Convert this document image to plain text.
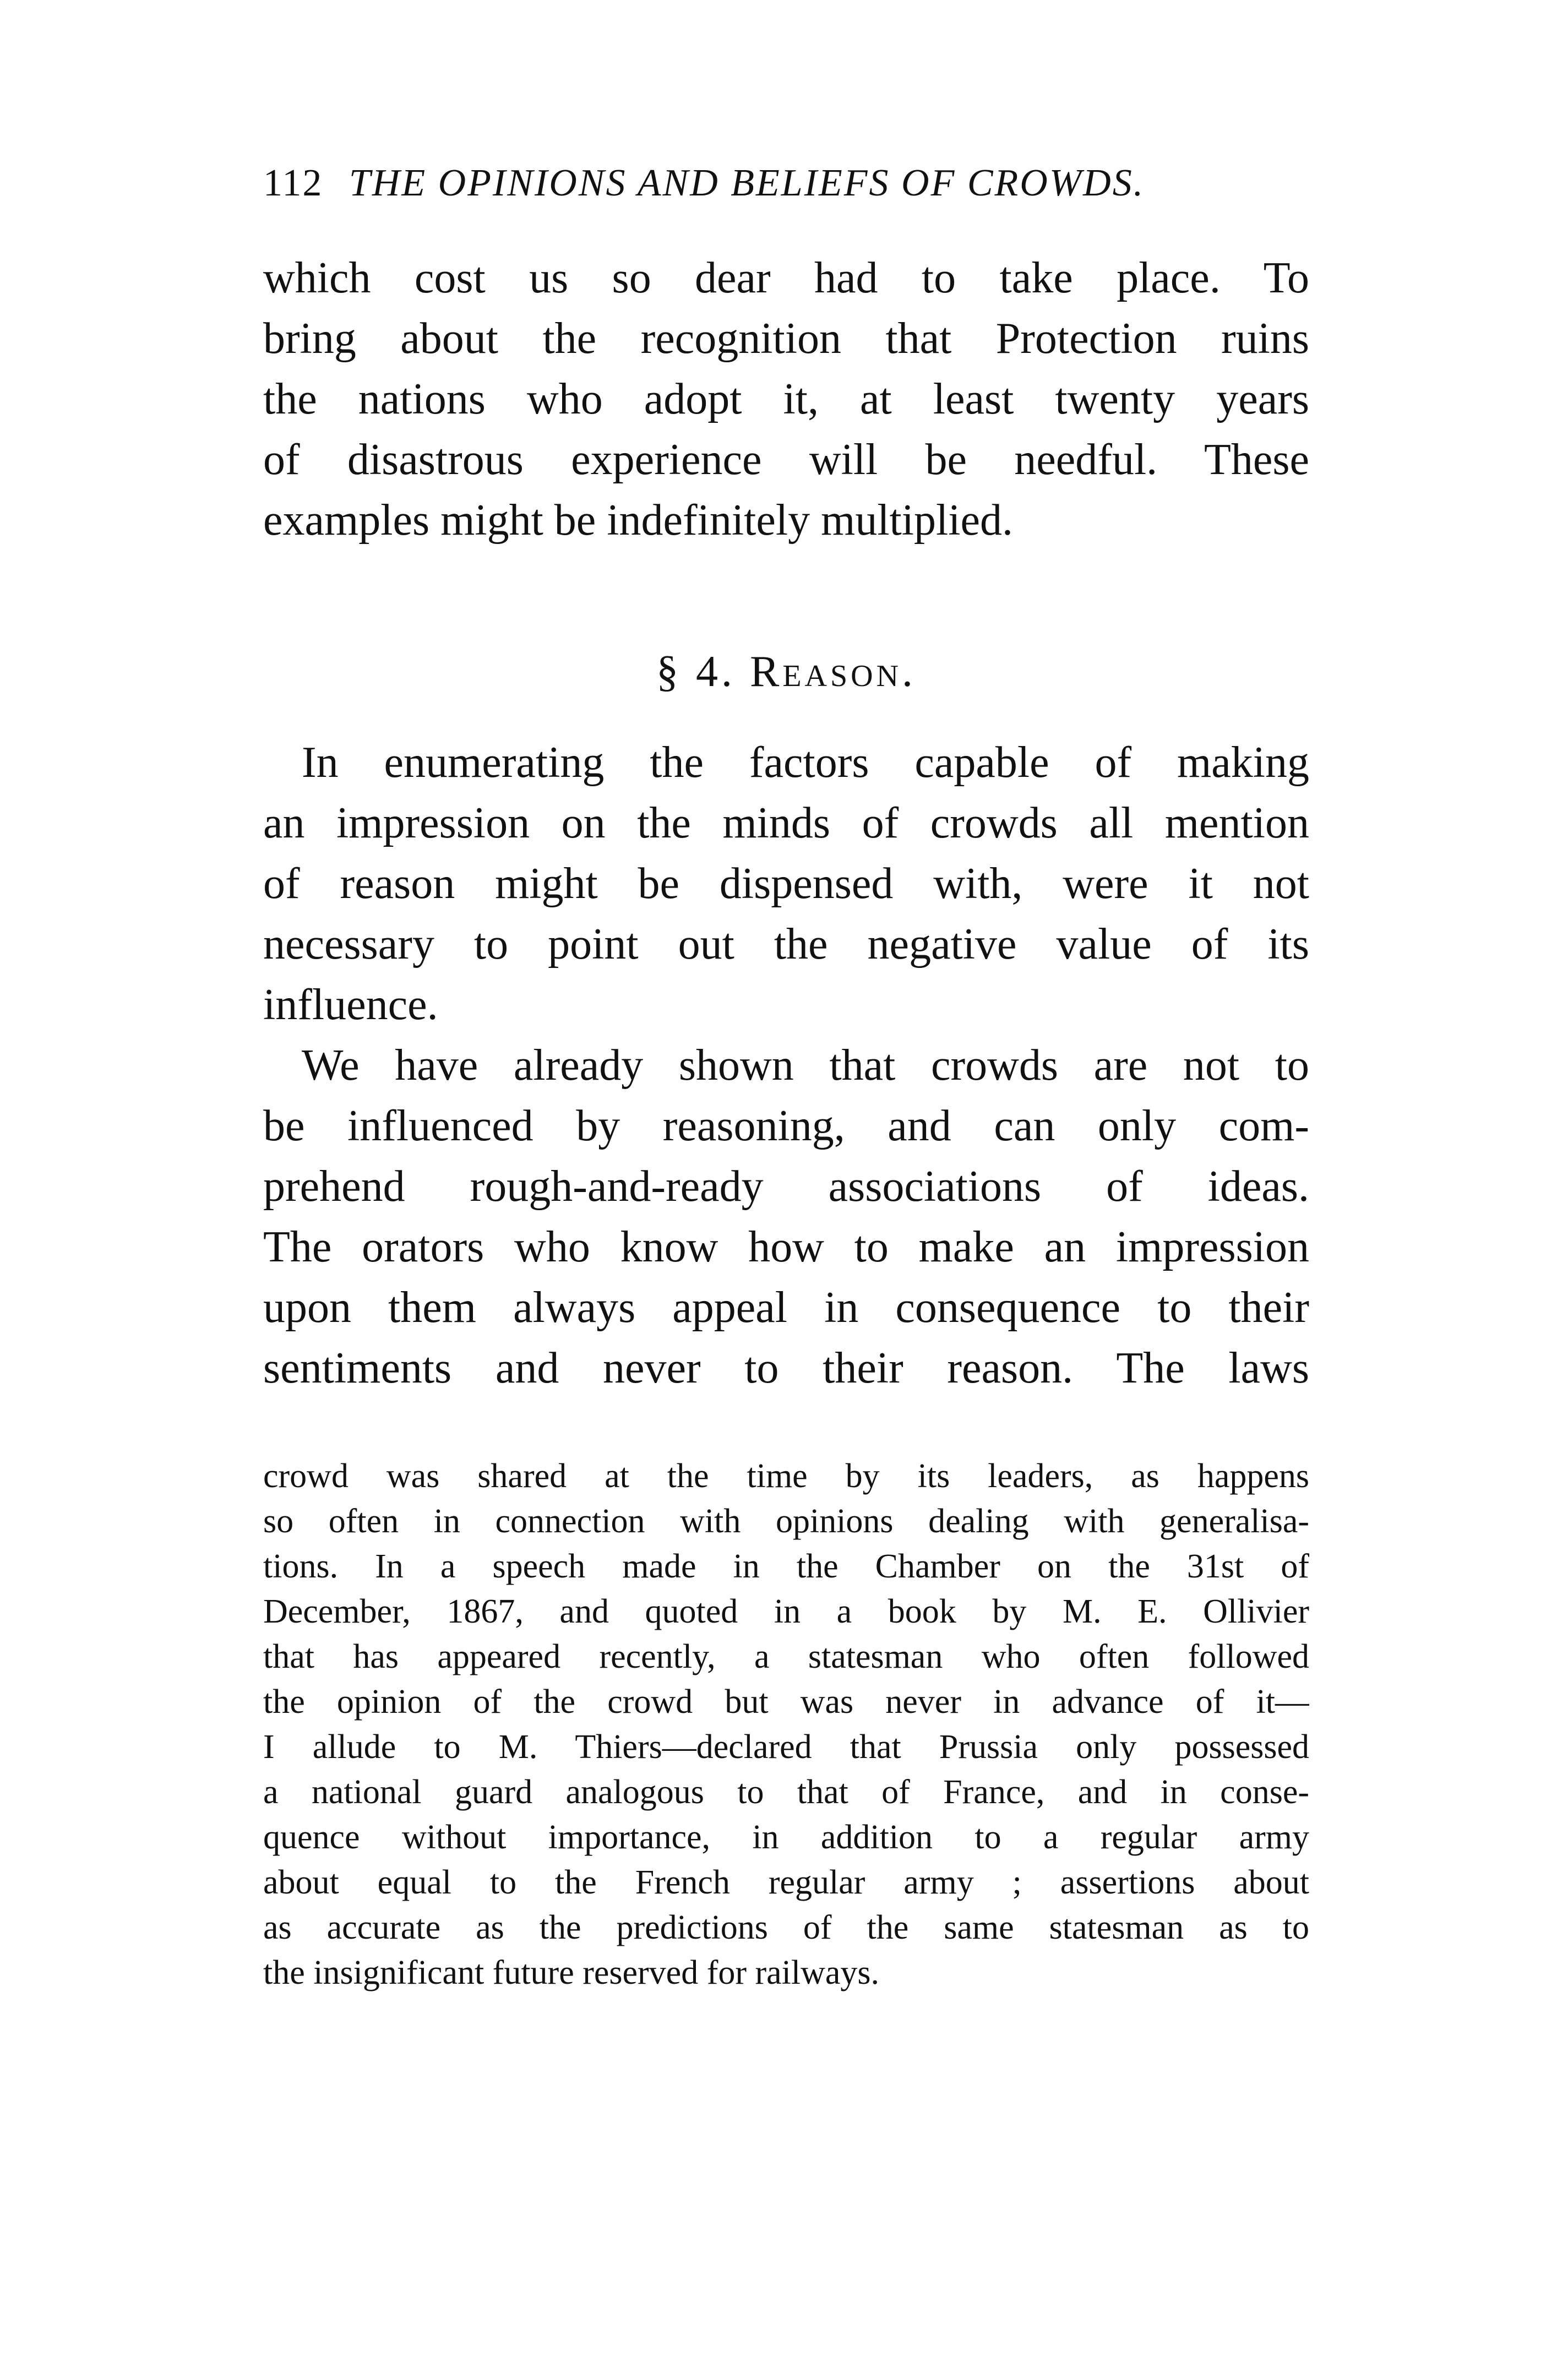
112 THE OPINIONS AND BELIEFS OF CROWDS.
which cost us so dear had to take place. To
bring about the recognition that Protection ruins
the nations who adopt it, at least twenty years
of disastrous experience will be needful. These
examples might be indefinitely multiplied.
§ 4. Reason.
In enumerating the factors capable of making
an impression on the minds of crowds all mention
of reason might be dispensed with, were it not
necessary to point out the negative value of its
influence.
We have already shown that crowds are not to
be influenced by reasoning, and can only com-
prehend rough-and-ready associations of ideas.
The orators who know how to make an impression
upon them always appeal in consequence to their
sentiments and never to their reason. The laws
crowd was shared at the time by its leaders, as happens
so often in connection with opinions dealing with generalisa-
tions. In a speech made in the Chamber on the 31st of
December, 1867, and quoted in a book by M. E. Ollivier
that has appeared recently, a statesman who often followed
the opinion of the crowd but was never in advance of it—
I allude to M. Thiers—declared that Prussia only possessed
a national guard analogous to that of France, and in conse-
quence without importance, in addition to a regular army
about equal to the French regular army ; assertions about
as accurate as the predictions of the same statesman as to
the insignificant future reserved for railways.
